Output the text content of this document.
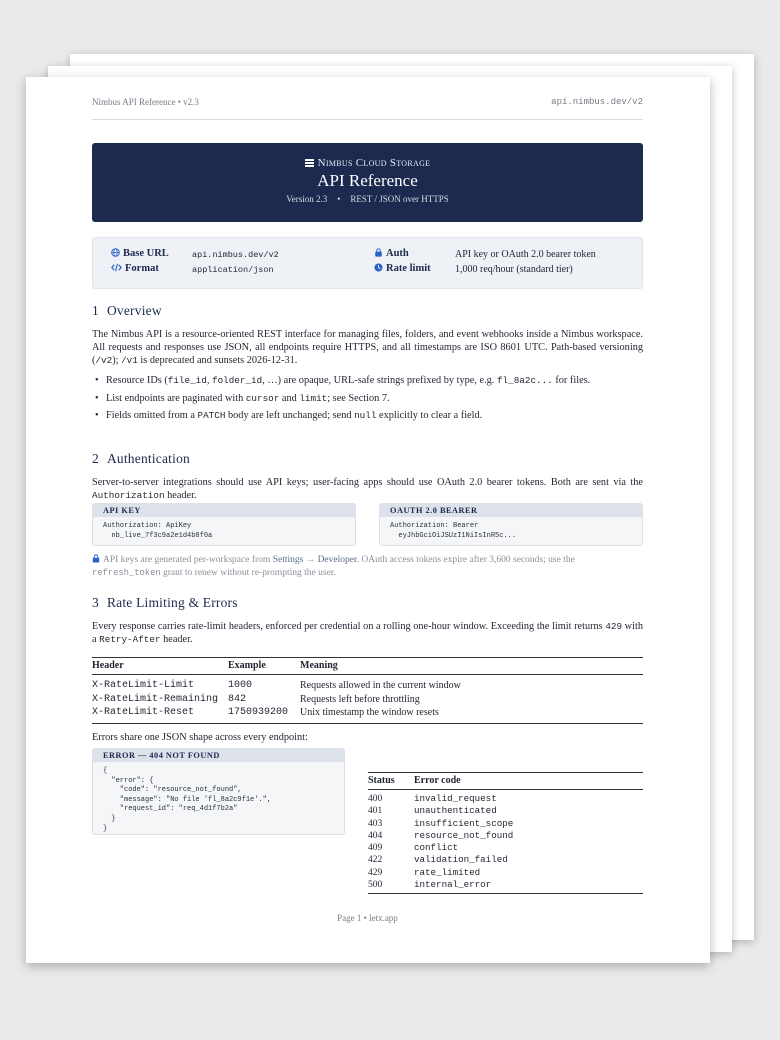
Nimbus API Reference • v2.3	api.nimbus.dev/v2
Nimbus Cloud Storage
API Reference
Version 2.3 • REST / JSON over HTTPS
Base URL	api.nimbus.dev/v2
Format	application/json
Auth	API key or OAuth 2.0 bearer token
Rate limit 1,000 req/hour (standard tier)
1 Overview
The Nimbus API is a resource-oriented REST interface for managing files, folders, and event webhooks inside a Nimbus workspace. All requests and responses use JSON, all endpoints require HTTPS, and all timestamps are ISO 8601 UTC. Path-based versioning (/v2); /v1 is deprecated and sunsets 2026-12-31.
• Resource IDs (file_id, folder_id, …) are opaque, URL-safe strings prefixed by type, e.g. fl_8a2c... for files.
• List endpoints are paginated with cursor and limit; see Section 7.
• Fields omitted from a PATCH body are left unchanged; send null explicitly to clear a field.
2 Authentication
Server-to-server integrations should use API keys; user-facing apps should use OAuth 2.0 bearer tokens. Both are sent via the Authorization header.
API KEY
Authorization: ApiKey
nb_live_7f3c9a2e1d4b8f0a
OAUTH 2.0 BEARER
Authorization: Bearer
eyJhbGciOiJSUzI1NiIsInR5c...
API keys are generated per-workspace from Settings → Developer. OAuth access tokens expire after 3,600 seconds; use the refresh_token grant to renew without re-prompting the user.
3 Rate Limiting & Errors
Every response carries rate-limit headers, enforced per credential on a rolling one-hour window. Exceeding the limit returns 429 with a Retry-After header.
Header	Example	Meaning
X-RateLimit-Limit	1000	Requests allowed in the current window
X-RateLimit-Remaining	842	Requests left before throttling
X-RateLimit-Reset	1750939200	Unix timestamp the window resets
Errors share one JSON shape across every endpoint:
ERROR — 404 NOT FOUND
{
"error": {
"code": "resource_not_found",
"message": "No file 'fl_8a2c9f1e'.",
"request_id": "req_4d1f7b2a"
}
}
Status	Error code
400	invalid_request
401	unauthenticated
403	insufficient_scope
404	resource_not_found
409	conflict
422	validation_failed
429	rate_limited
500	internal_error
Page 1 • letx.app
